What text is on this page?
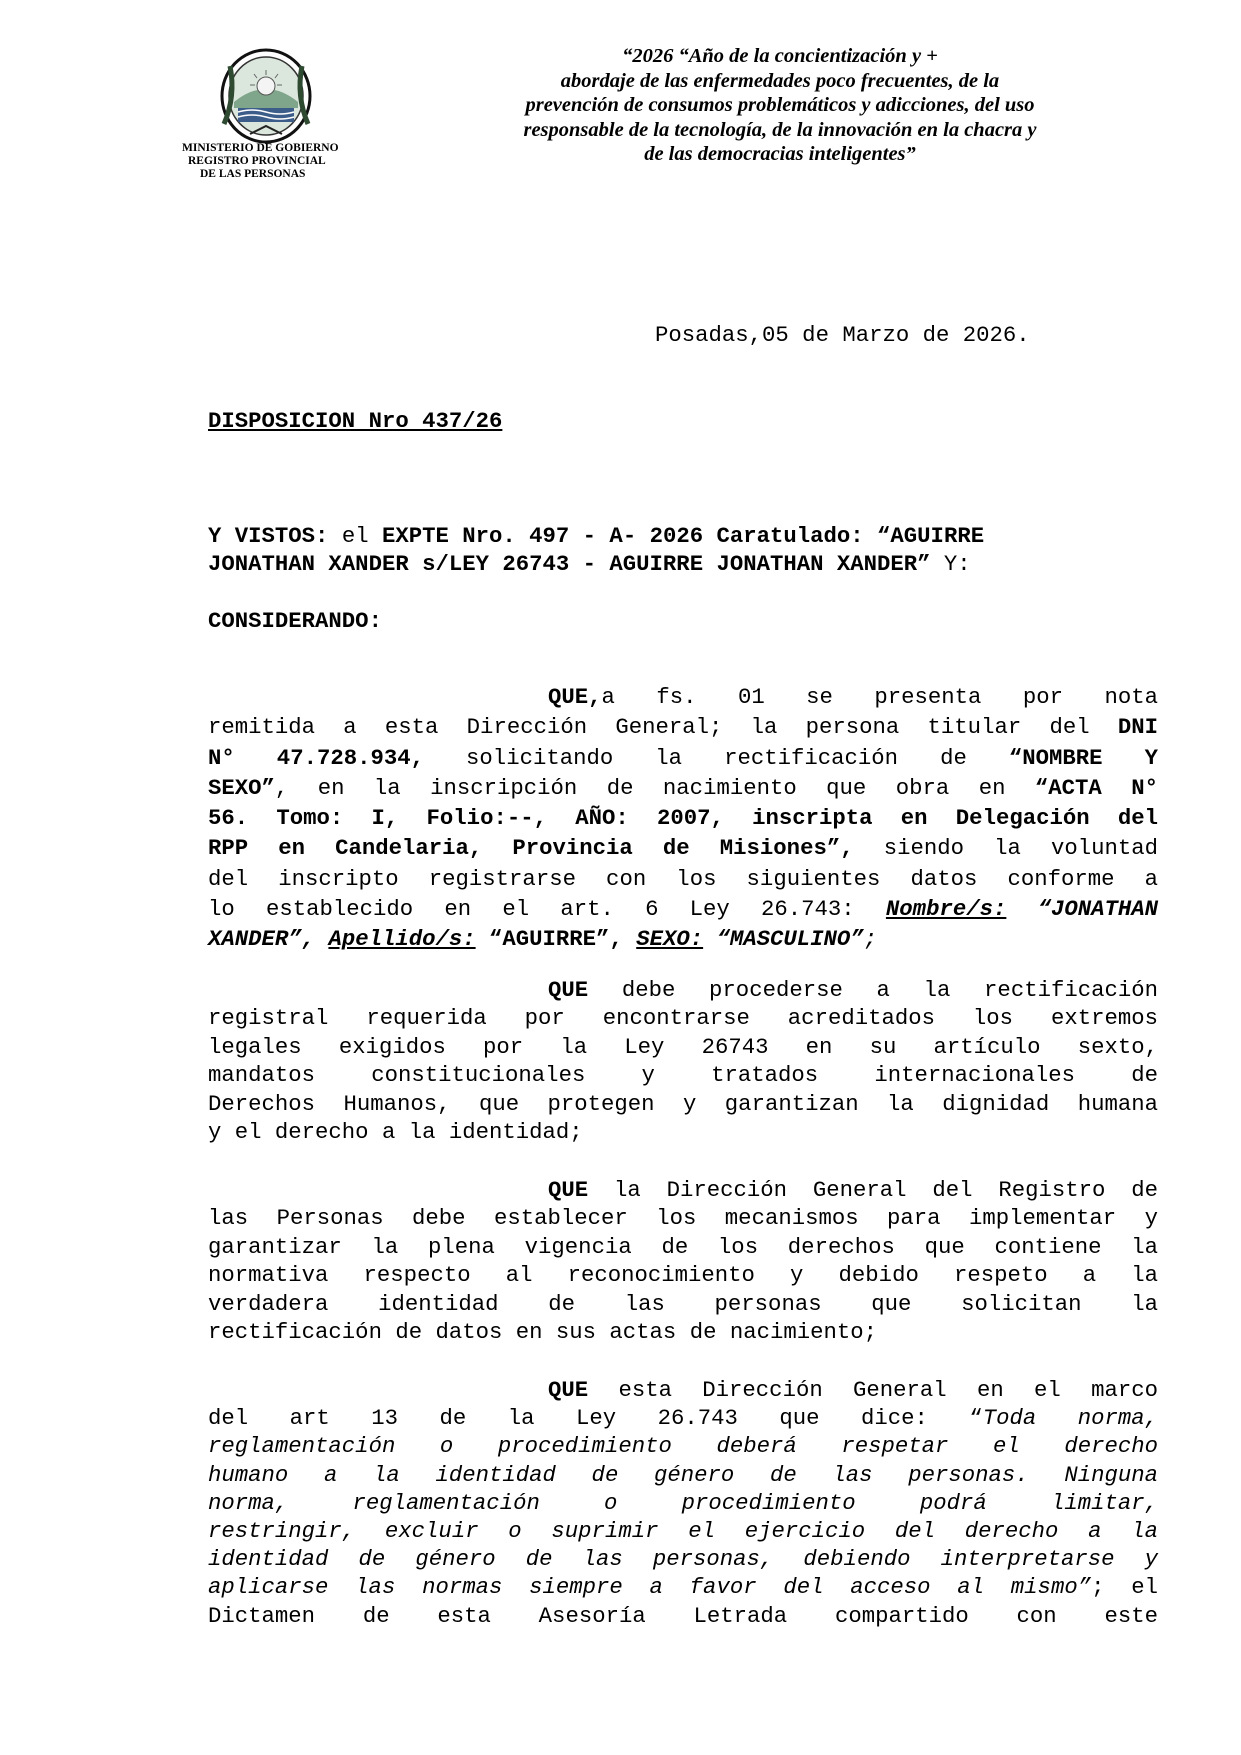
MINISTERIO DE GOBIERNO
REGISTRO PROVINCIAL
DE LAS PERSONAS
“2026 “Año de la concientización y +
abordaje de las enfermedades poco frecuentes, de la
prevención de consumos problemáticos y adicciones, del uso
responsable de la tecnología, de la innovación en la chacra y
de las democracias inteligentes”
Posadas,05 de Marzo de 2026.
DISPOSICION Nro 437/26
Y VISTOS: el EXPTE Nro. 497 - A- 2026 Caratulado: “AGUIRRE
JONATHAN XANDER s/LEY 26743 - AGUIRRE JONATHAN XANDER” Y:
CONSIDERANDO:
QUE,a fs. 01 se presenta por nota
remitida a esta Dirección General; la persona titular del DNI
N° 47.728.934, solicitando la rectificación de “NOMBRE Y
SEXO”, en la inscripción de nacimiento que obra en “ACTA N°
56. Tomo: I, Folio:--, AÑO: 2007, inscripta en Delegación del
RPP en Candelaria, Provincia de Misiones”, siendo la voluntad
del inscripto registrarse con los siguientes datos conforme a
lo establecido en el art. 6 Ley 26.743: Nombre/s: “JONATHAN
XANDER”, Apellido/s: “AGUIRRE”, SEXO: “MASCULINO”;
QUE debe procederse a la rectificación
registral requerida por encontrarse acreditados los extremos
legales exigidos por la Ley 26743 en su artículo sexto,
mandatos constitucionales y tratados internacionales de
Derechos Humanos, que protegen y garantizan la dignidad humana
y el derecho a la identidad;
QUE la Dirección General del Registro de
las Personas debe establecer los mecanismos para implementar y
garantizar la plena vigencia de los derechos que contiene la
normativa respecto al reconocimiento y debido respeto a la
verdadera identidad de las personas que solicitan la
rectificación de datos en sus actas de nacimiento;
QUE esta Dirección General en el marco
del art 13 de la Ley 26.743 que dice: “Toda norma,
reglamentación o procedimiento deberá respetar el derecho
humano a la identidad de género de las personas. Ninguna
norma, reglamentación o procedimiento podrá limitar,
restringir, excluir o suprimir el ejercicio del derecho a la
identidad de género de las personas, debiendo interpretarse y
aplicarse las normas siempre a favor del acceso al mismo”; el
Dictamen de esta Asesoría Letrada compartido con este
